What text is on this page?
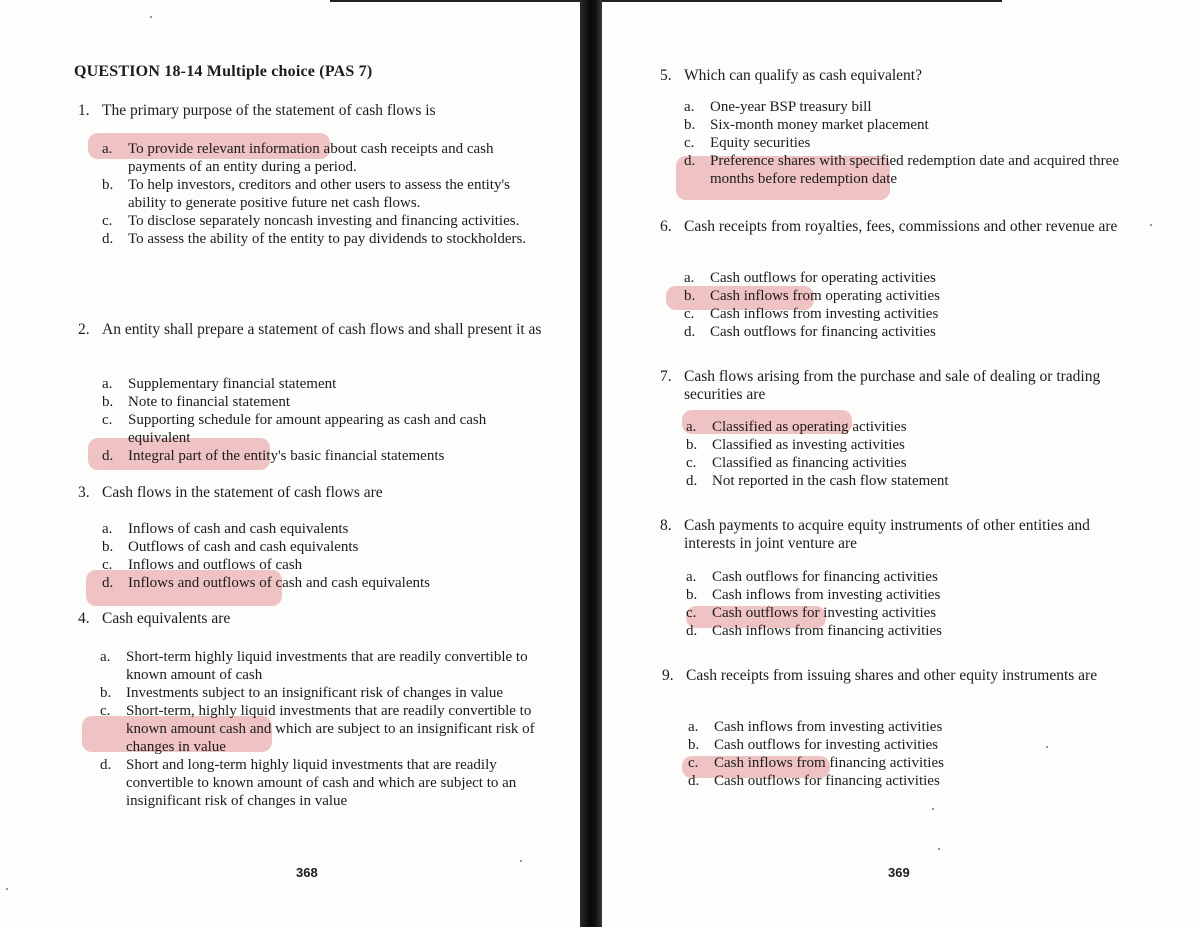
QUESTION 18-14 Multiple choice (PAS 7)
1. The primary purpose of the statement of cash flows is
a. To provide relevant information about cash receipts and cash payments of an entity during a period.
b. To help investors, creditors and other users to assess the entity's ability to generate positive future net cash flows.
c. To disclose separately noncash investing and financing activities.
d. To assess the ability of the entity to pay dividends to stockholders.
2. An entity shall prepare a statement of cash flows and shall present it as
a. Supplementary financial statement
b. Note to financial statement
c. Supporting schedule for amount appearing as cash and cash equivalent
d. Integral part of the entity's basic financial statements
3. Cash flows in the statement of cash flows are
a. Inflows of cash and cash equivalents
b. Outflows of cash and cash equivalents
c. Inflows and outflows of cash
d. Inflows and outflows of cash and cash equivalents
4. Cash equivalents are
a. Short-term highly liquid investments that are readily convertible to known amount of cash
b. Investments subject to an insignificant risk of changes in value
c. Short-term, highly liquid investments that are readily convertible to known amount cash and which are subject to an insignificant risk of changes in value
d. Short and long-term highly liquid investments that are readily convertible to known amount of cash and which are subject to an insignificant risk of changes in value
368
5. Which can qualify as cash equivalent?
a. One-year BSP treasury bill
b. Six-month money market placement
c. Equity securities
d. Preference shares with specified redemption date and acquired three months before redemption date
6. Cash receipts from royalties, fees, commissions and other revenue are
a. Cash outflows for operating activities
b. Cash inflows from operating activities
c. Cash inflows from investing activities
d. Cash outflows for financing activities
7. Cash flows arising from the purchase and sale of dealing or trading securities are
a. Classified as operating activities
b. Classified as investing activities
c. Classified as financing activities
d. Not reported in the cash flow statement
8. Cash payments to acquire equity instruments of other entities and interests in joint venture are
a. Cash outflows for financing activities
b. Cash inflows from investing activities
c. Cash outflows for investing activities
d. Cash inflows from financing activities
9. Cash receipts from issuing shares and other equity instruments are
a. Cash inflows from investing activities
b. Cash outflows for investing activities
c. Cash inflows from financing activities
d. Cash outflows for financing activities
369
